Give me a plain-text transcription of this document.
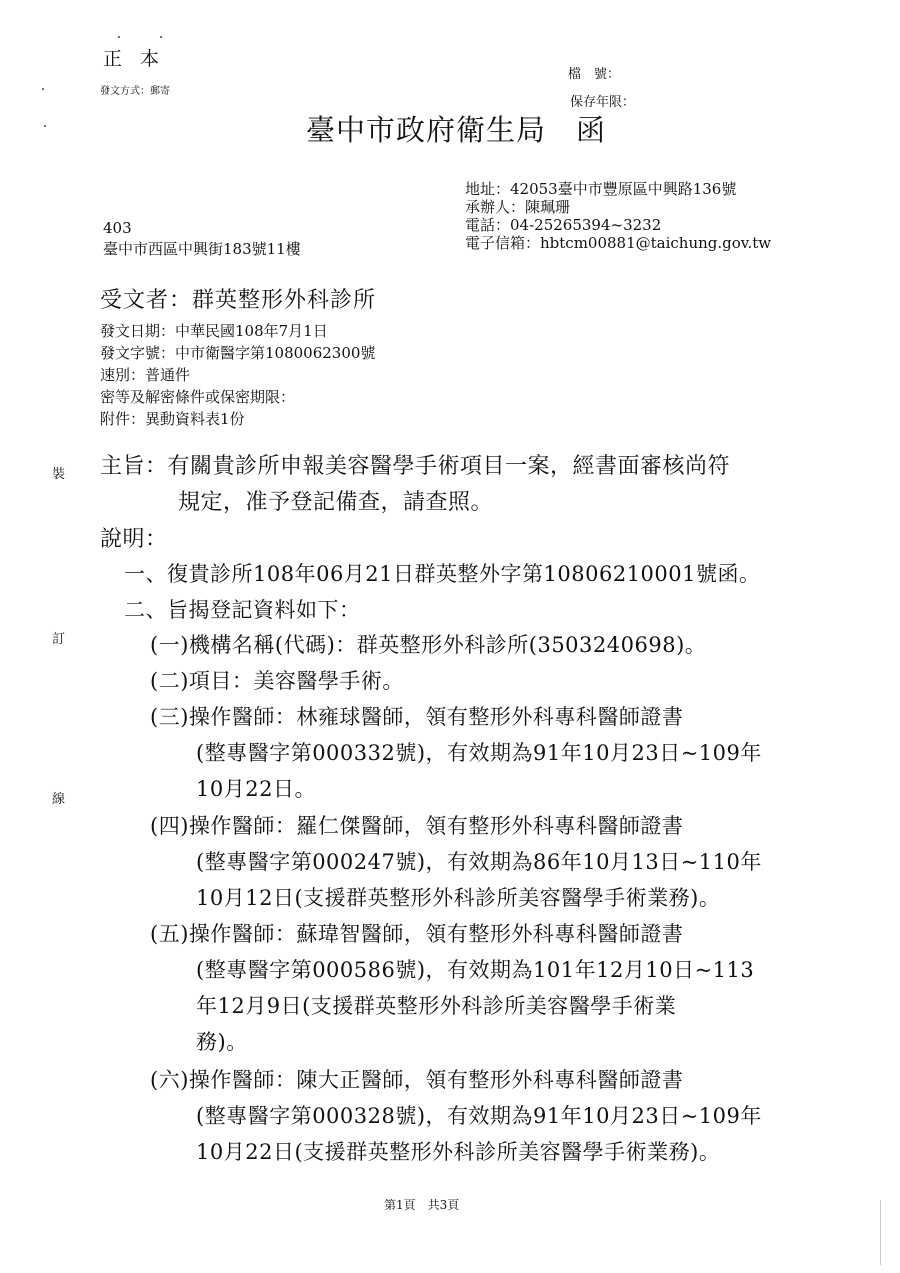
正本
發文方式：郵寄
檔　號：
保存年限：
臺中市政府衛生局 函
地址：42053臺中市豐原區中興路136號
承辦人：陳珮珊
電話：04-25265394~3232
電子信箱：hbtcm00881@taichung.gov.tw
403
臺中市西區中興街183號11樓
受文者：群英整形外科診所
發文日期：中華民國108年7月1日
發文字號：中市衛醫字第1080062300號
速別：普通件
密等及解密條件或保密期限：
附件：異動資料表1份
主旨：有關貴診所申報美容醫學手術項目一案，經書面審核尚符
規定，准予登記備查，請查照。
說明：
一、復貴診所108年06月21日群英整外字第10806210001號函。
二、旨揭登記資料如下：
(一)機構名稱(代碼)：群英整形外科診所(3503240698)。
(二)項目：美容醫學手術。
(三)操作醫師：林雍球醫師，領有整形外科專科醫師證書
(整專醫字第000332號)，有效期為91年10月23日~109年
10月22日。
(四)操作醫師：羅仁傑醫師，領有整形外科專科醫師證書
(整專醫字第000247號)，有效期為86年10月13日~110年
10月12日(支援群英整形外科診所美容醫學手術業務)。
(五)操作醫師：蘇瑋智醫師，領有整形外科專科醫師證書
(整專醫字第000586號)，有效期為101年12月10日~113
年12月9日(支援群英整形外科診所美容醫學手術業
務)。
(六)操作醫師：陳大正醫師，領有整形外科專科醫師證書
(整專醫字第000328號)，有效期為91年10月23日~109年
10月22日(支援群英整形外科診所美容醫學手術業務)。
裝
訂
線
第1頁　共3頁
